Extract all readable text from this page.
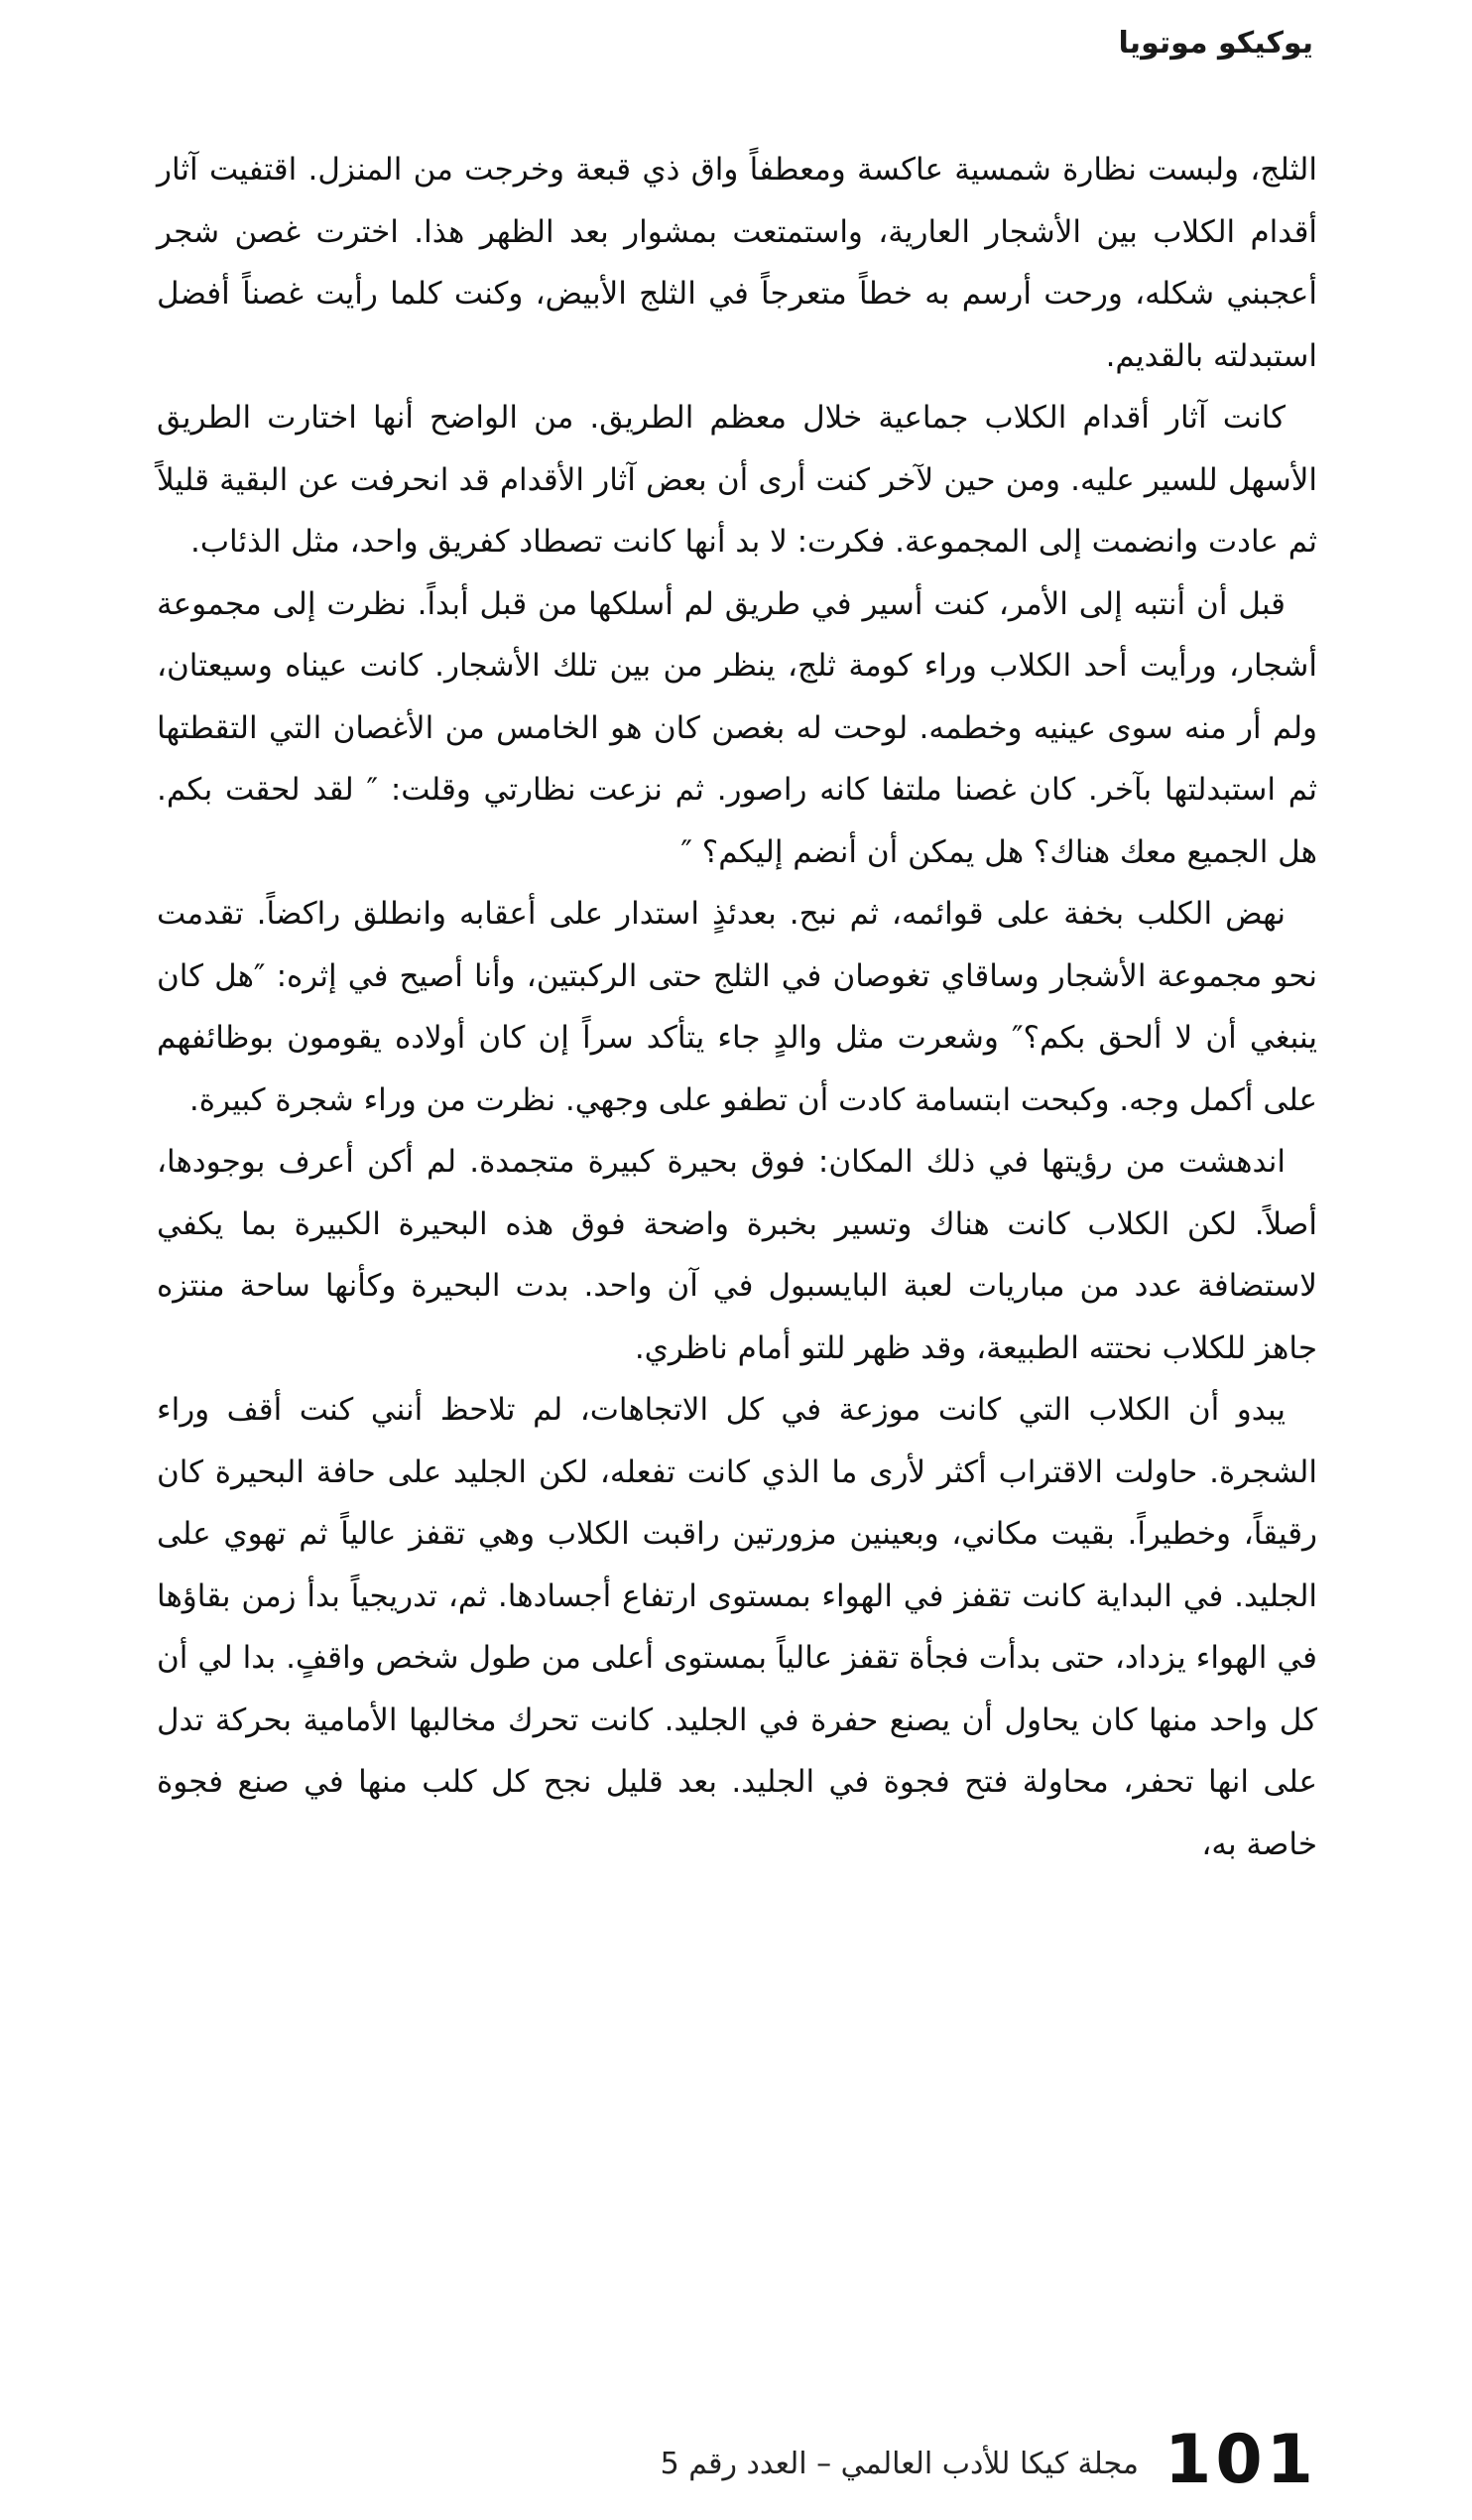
يوكيكو موتويا

الثلج، ولبست نظارة شمسية عاكسة ومعطفاً واق ذي قبعة وخرجت من المنزل. اقتفيت آثار أقدام الكلاب بين الأشجار العارية، واستمتعت بمشوار بعد الظهر هذا. اخترت غصن شجر أعجبني شكله، ورحت أرسم به خطاً متعرجاً في الثلج الأبيض، وكنت كلما رأيت غصناً أفضل استبدلته بالقديم.

كانت آثار أقدام الكلاب جماعية خلال معظم الطريق. من الواضح أنها اختارت الطريق الأسهل للسير عليه. ومن حين لآخر كنت أرى أن بعض آثار الأقدام قد انحرفت عن البقية قليلاً ثم عادت وانضمت إلى المجموعة. فكرت: لا بد أنها كانت تصطاد كفريق واحد، مثل الذئاب.

قبل أن أنتبه إلى الأمر، كنت أسير في طريق لم أسلكها من قبل أبداً. نظرت إلى مجموعة أشجار، ورأيت أحد الكلاب وراء كومة ثلج، ينظر من بين تلك الأشجار. كانت عيناه وسيعتان، ولم أر منه سوى عينيه وخطمه. لوحت له بغصن كان هو الخامس من الأغصان التي التقطتها ثم استبدلتها بآخر. كان غصنا ملتفا كانه راصور. ثم نزعت نظارتي وقلت: ″ لقد لحقت بكم. هل الجميع معك هناك؟ هل يمكن أن أنضم إليكم؟ ″

نهض الكلب بخفة على قوائمه، ثم نبح. بعدئذٍ استدار على أعقابه وانطلق راكضاً. تقدمت نحو مجموعة الأشجار وساقاي تغوصان في الثلج حتى الركبتين، وأنا أصيح في إثره: ″هل كان ينبغي أن لا ألحق بكم؟″ وشعرت مثل والدٍ جاء يتأكد سراً إن كان أولاده يقومون بوظائفهم على أكمل وجه. وكبحت ابتسامة كادت أن تطفو على وجهي. نظرت من وراء شجرة كبيرة.

اندهشت من رؤيتها في ذلك المكان: فوق بحيرة كبيرة متجمدة. لم أكن أعرف بوجودها، أصلاً. لكن الكلاب كانت هناك وتسير بخبرة واضحة فوق هذه البحيرة الكبيرة بما يكفي لاستضافة عدد من مباريات لعبة البايسبول في آن واحد. بدت البحيرة وكأنها ساحة منتزه جاهز للكلاب نحتته الطبيعة، وقد ظهر للتو أمام ناظري.

يبدو أن الكلاب التي كانت موزعة في كل الاتجاهات، لم تلاحظ أنني كنت أقف وراء الشجرة. حاولت الاقتراب أكثر لأرى ما الذي كانت تفعله، لكن الجليد على حافة البحيرة كان رقيقاً، وخطيراً. بقيت مكاني، وبعينين مزورتين راقبت الكلاب وهي تقفز عالياً ثم تهوي على الجليد. في البداية كانت تقفز في الهواء بمستوى ارتفاع أجسادها. ثم، تدريجياً بدأ زمن بقاؤها في الهواء يزداد، حتى بدأت فجأة تقفز عالياً بمستوى أعلى من طول شخص واقفٍ. بدا لي أن كل واحد منها كان يحاول أن يصنع حفرة في الجليد. كانت تحرك مخالبها الأمامية بحركة تدل على انها تحفر، محاولة فتح فجوة في الجليد. بعد قليل نجح كل كلب منها في صنع فجوة خاصة به،

101
مجلة كيكا للأدب العالمي – العدد رقم 5
